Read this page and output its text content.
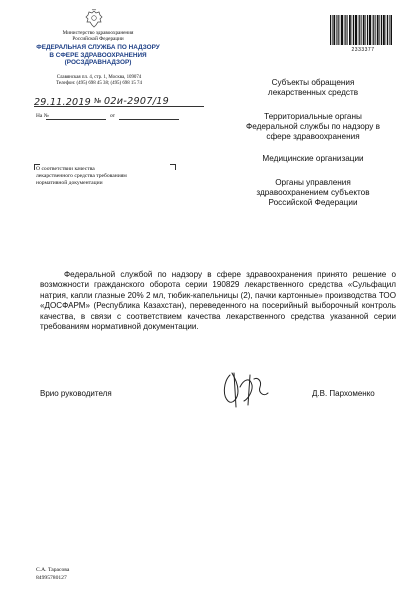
Министерство здравоохранения
Российской Федерации
ФЕДЕРАЛЬНАЯ СЛУЖБА ПО НАДЗОРУ
В СФЕРЕ ЗДРАВООХРАНЕНИЯ
(РОСЗДРАВНАДЗОР)
Славянская пл. 4, стр. 1, Москва, 109074
Телефон: (495) 698 45 38; (495) 698 15 74
29.11.2019 № 02и-2907/19
На №	от
О соответствии качества
лекарственного средства требованиям
нормативной документации
2333377
Субъекты обращения
лекарственных средств
Территориальные органы
Федеральной службы по надзору в
сфере здравоохранения
Медицинские организации
Органы управления
здравоохранением субъектов
Российской Федерации

Федеральной службой по надзору в сфере здравоохранения принято решение о возможности гражданского оборота серии 190829 лекарственного средства «Сульфацил натрия, капли глазные 20% 2 мл, тюбик-капельницы (2), пачки картонные» производства ТОО «ДОСФАРМ» (Республика Казахстан), переведенного на посерийный выборочный контроль качества, в связи с соответствием качества лекарственного средства указанной серии требованиям нормативной документации.

Врио руководителя	Д.В. Пархоменко
С.А. Тарасова
84995780127
